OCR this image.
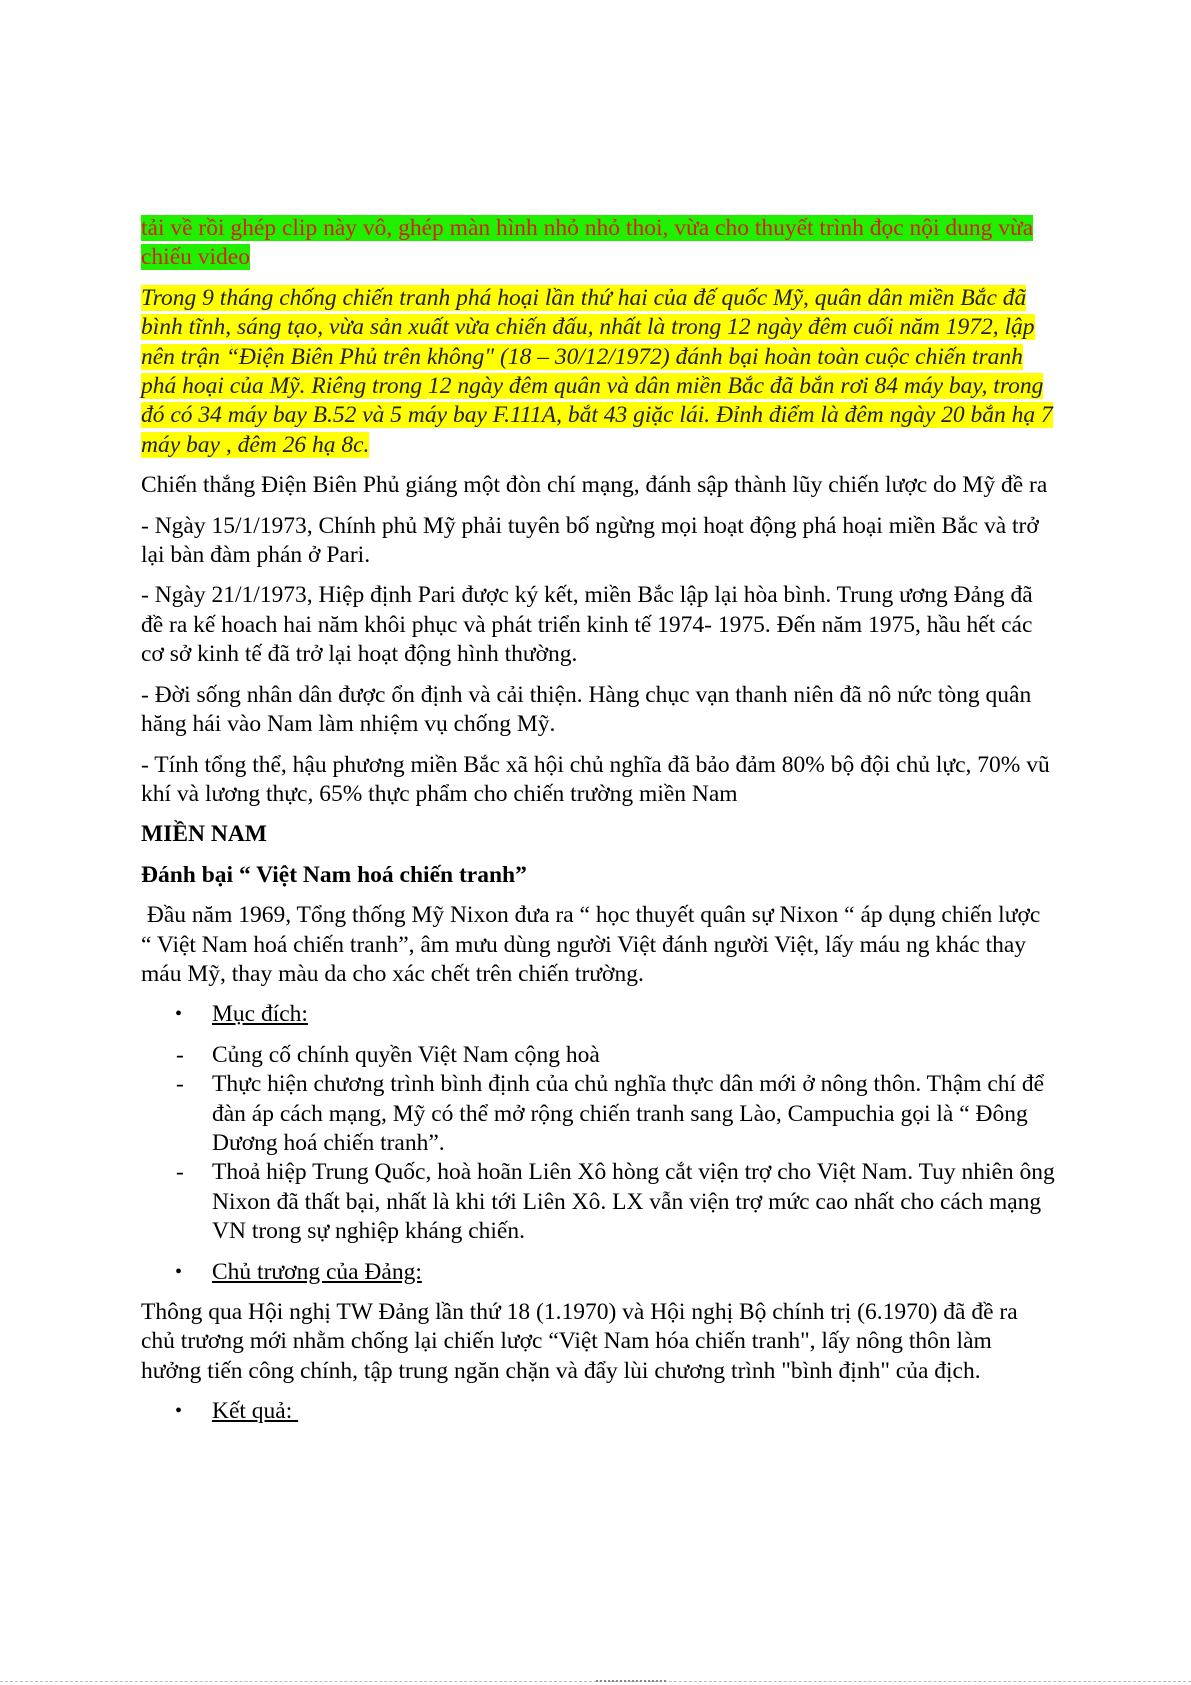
tải về rồi ghép clip này vô, ghép màn hình nhỏ nhỏ thoi, vừa cho thuyết trình đọc nội dung vừa chiếu video

Trong 9 tháng chống chiến tranh phá hoại lần thứ hai của đế quốc Mỹ, quân dân miền Bắc đã bình tĩnh, sáng tạo, vừa sản xuất vừa chiến đấu, nhất là trong 12 ngày đêm cuối năm 1972, lập nên trận “Điện Biên Phủ trên không" (18 – 30/12/1972) đánh bại hoàn toàn cuộc chiến tranh phá hoại của Mỹ. Riêng trong 12 ngày đêm quân và dân miền Bắc đã bắn rơi 84 máy bay, trong đó có 34 máy bay B.52 và 5 máy bay F.111A, bắt 43 giặc lái. Đỉnh điểm là đêm ngày 20 bắn hạ 7 máy bay , đêm 26 hạ 8c.

Chiến thắng Điện Biên Phủ giáng một đòn chí mạng, đánh sập thành lũy chiến lược do Mỹ đề ra

- Ngày 15/1/1973, Chính phủ Mỹ phải tuyên bố ngừng mọi hoạt động phá hoại miền Bắc và trở lại bàn đàm phán ở Pari.

- Ngày 21/1/1973, Hiệp định Pari được ký kết, miền Bắc lập lại hòa bình. Trung ương Đảng đã đề ra kế hoach hai năm khôi phục và phát triển kinh tế 1974- 1975. Đến năm 1975, hầu hết các cơ sở kinh tế đã trở lại hoạt động hình thường.

- Đời sống nhân dân được ổn định và cải thiện. Hàng chục vạn thanh niên đã nô nức tòng quân hăng hái vào Nam làm nhiệm vụ chống Mỹ.

- Tính tổng thể, hậu phương miền Bắc xã hội chủ nghĩa đã bảo đảm 80% bộ đội chủ lực, 70% vũ khí và lương thực, 65% thực phẩm cho chiến trường miền Nam

MIỀN NAM

Đánh bại “ Việt Nam hoá chiến tranh”

Đầu năm 1969, Tổng thống Mỹ Nixon đưa ra “ học thuyết quân sự Nixon “ áp dụng chiến lược “ Việt Nam hoá chiến tranh”, âm mưu dùng người Việt đánh người Việt, lấy máu ng khác thay máu Mỹ, thay màu da cho xác chết trên chiến trường.

• Mục đích:

- Củng cố chính quyền Việt Nam cộng hoà

- Thực hiện chương trình bình định của chủ nghĩa thực dân mới ở nông thôn. Thậm chí để đàn áp cách mạng, Mỹ có thể mở rộng chiến tranh sang Lào, Campuchia gọi là “ Đông Dương hoá chiến tranh”.

- Thoả hiệp Trung Quốc, hoà hoãn Liên Xô hòng cắt viện trợ cho Việt Nam. Tuy nhiên ông Nixon đã thất bại, nhất là khi tới Liên Xô. LX vẫn viện trợ mức cao nhất cho cách mạng VN trong sự nghiệp kháng chiến.

• Chủ trương của Đảng:

Thông qua Hội nghị TW Đảng lần thứ 18 (1.1970) và Hội nghị Bộ chính trị (6.1970) đã đề ra chủ trương mới nhằm chống lại chiến lược “Việt Nam hóa chiến tranh", lấy nông thôn làm hưởng tiến công chính, tập trung ngăn chặn và đẩy lùi chương trình "bình định" của địch.

• Kết quả:
